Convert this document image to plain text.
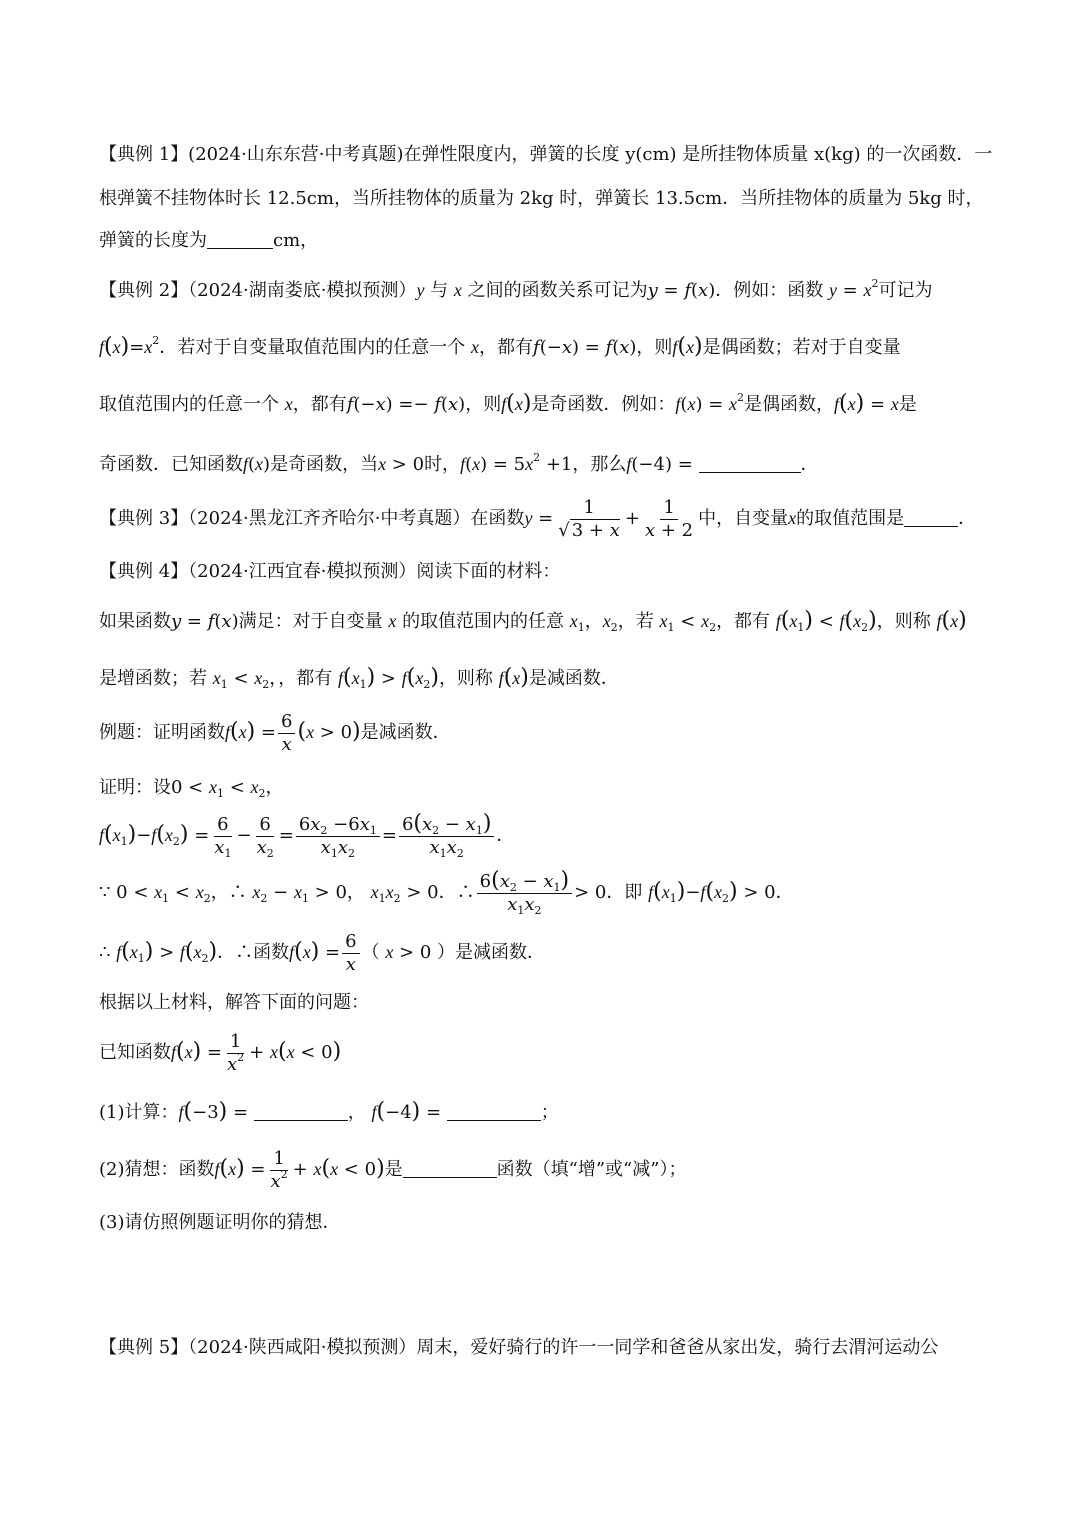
【典例 1】(2024·山东东营·中考真题)在弹性限度内，弹簧的长度 y(cm) 是所挂物体质量 x(kg) 的一次函数．一
根弹簧不挂物体时长 12.5cm，当所挂物体的质量为 2kg 时，弹簧长 13.5cm．当所挂物体的质量为 5kg 时，
弹簧的长度为	cm，
【典例 2】（2024·湖南娄底·模拟预测）y 与 x 之间的函数关系可记为y = f(x)．例如：函数 $y = x^2$可记为
$f(x)=x^2$．若对于自变量取值范围内的任意一个 x，都有f(−x) = f(x)，则f(x)是偶函数；若对于自变量
取值范围内的任意一个 x，都有f(−x) =− f(x)，则f(x)是奇函数．例如：$f(x) = x^2$是偶函数，f(x) = x是
奇函数．已知函数f(x)是奇函数，当x > 0时，$f(x) = 5x^2 +1$，那么f(−4) =	．
【典例 3】（2024·黑龙江齐齐哈尔·中考真题）在函数$y = \frac{1}{√ 3 + x} + \frac{1}{x + 2}$ 中，自变量x的取值范围是	．
【典例 4】（2024·江西宜春·模拟预测）阅读下面的材料：
如果函数y = f(x)满足：对于自变量 x 的取值范围内的任意 $x_1$，$x_2$，若 $x_1 < x_2$，都有 $f(x_1) < f(x_2)$，则称 f(x)
是增函数；若 $x_1 < x_2$，，都有 $f(x_1) > f(x_2)$，则称 f(x)是减函数．
例题：证明函数$f(x) = \frac{6}{x} (x > 0)$是减函数．
证明：设$0 < x_1 < x_2$，
$f(x_1)-f(x_2) = \frac{6}{x_1} - \frac{6}{x_2} = \frac{6x_2 -6x_1}{x_1x_2} = \frac{6(x_2 - x_1)}{x_1x_2}$ ．
∵ $0 < x_1 < x_2$，∴ $x_2 - x_1 > 0$， $x_1x_2 > 0$．∴ $\frac{6(x_2 - x_1)}{x_1x_2} > 0$．即 $f(x_1)-f(x_2) > 0$．
∴ $f(x_1) > f(x_2)$．∴函数$f(x) = \frac{6}{x}$ （ x > 0 ）是减函数．
根据以上材料，解答下面的问题：
已知函数$f(x) = \frac{1}{x^2} + x(x < 0)$
(1)计算：f(−3) =	， f(−4) =	；
(2)猜想：函数$f(x) = \frac{1}{x^2} + x(x < 0)$是	函数（填“增”或“减”）；
(3)请仿照例题证明你的猜想．
【典例 5】（2024·陕西咸阳·模拟预测）周末，爱好骑行的许一一同学和爸爸从家出发，骑行去渭河运动公
